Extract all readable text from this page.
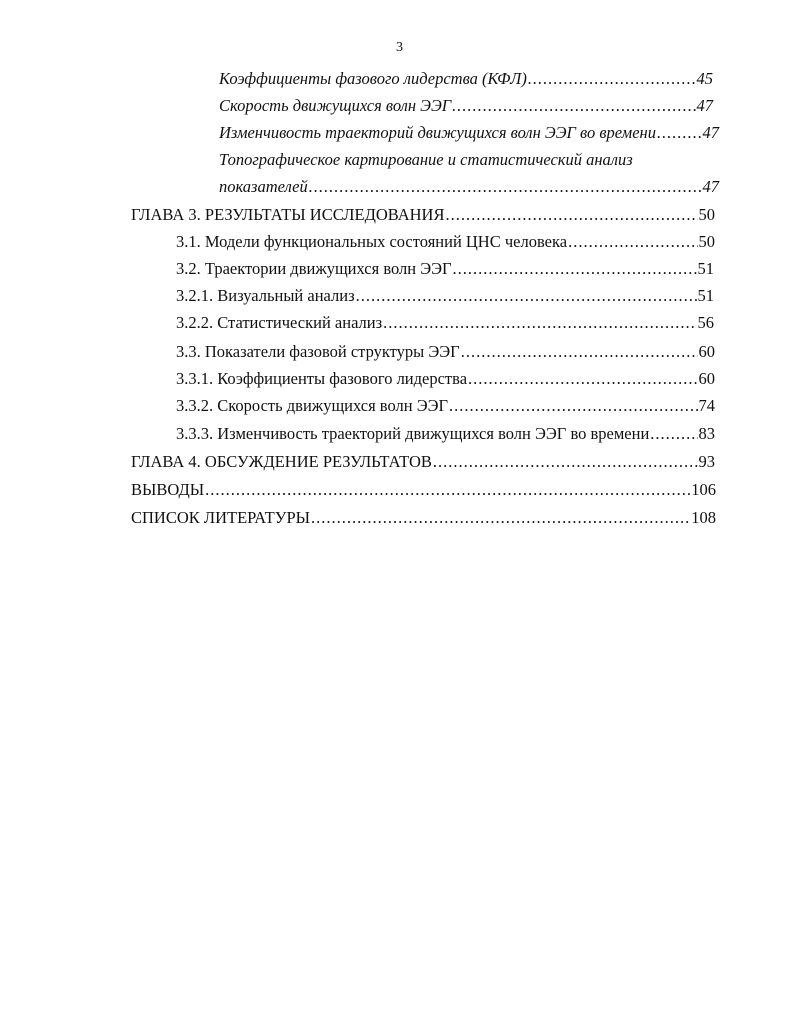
3
Коэффициенты фазового лидерства (КФЛ) .....	45
Скорость движущихся волн ЭЭГ .....	47
Изменчивость траекторий движущихся волн ЭЭГ во времени .....	47
Топографическое картирование и статистический анализ
показателей .....	47
ГЛАВА 3. РЕЗУЛЬТАТЫ ИССЛЕДОВАНИЯ .....	50
3.1. Модели функциональных состояний ЦНС человека .....	50
3.2. Траектории движущихся волн ЭЭГ .....	51
3.2.1. Визуальный анализ .....	51
3.2.2. Статистический анализ .....	56
3.3. Показатели фазовой структуры ЭЭГ .....	60
3.3.1. Коэффициенты фазового лидерства .....	60
3.3.2. Скорость движущихся волн ЭЭГ .....	74
3.3.3. Изменчивость траекторий движущихся волн ЭЭГ во времени .....	83
ГЛАВА 4. ОБСУЖДЕНИЕ РЕЗУЛЬТАТОВ .....	93
ВЫВОДЫ .....	106
СПИСОК ЛИТЕРАТУРЫ .....	108
